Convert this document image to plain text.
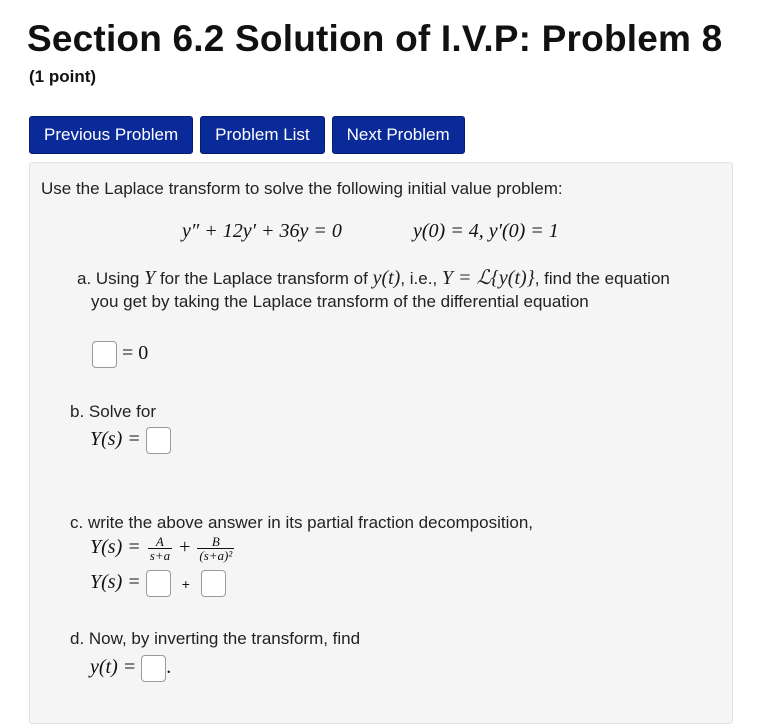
Section 6.2 Solution of I.V.P: Problem 8
(1 point)
Previous Problem	Problem List	Next Problem
Use the Laplace transform to solve the following initial value problem:
y″ + 12y′ + 36y = 0	y(0) = 4, y′(0) = 1
a. Using Y for the Laplace transform of y(t), i.e., Y = ℒ{y(t)}, find the equation
you get by taking the Laplace transform of the differential equation
= 0
b. Solve for
Y(s) =
c. write the above answer in its partial fraction decomposition,
$Y(s) = \frac{A}{s+a} + \frac{B}{\text{(s+a)²}}$
Y(s) =	+
d. Now, by inverting the transform, find
y(t) = .
